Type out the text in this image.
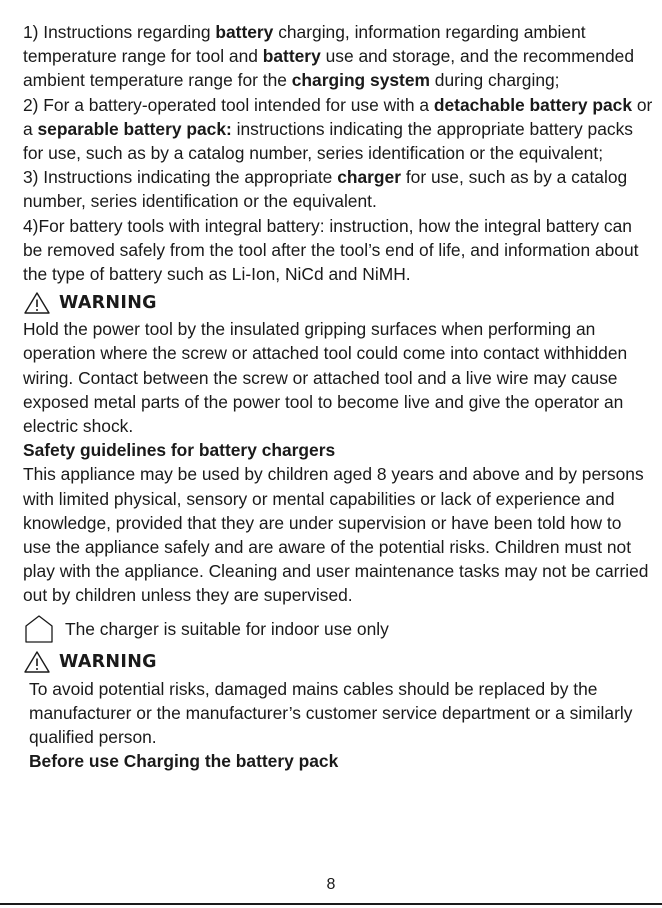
1) Instructions regarding battery charging, information regarding ambient temperature range for tool and battery use and storage, and the recommended ambient temperature range for the charging system during charging;

2) For a battery-operated tool intended for use with a detachable battery pack or a separable battery pack: instructions indicating the appropriate battery packs for use, such as by a catalog number, series identification or the equivalent;

3) Instructions indicating the appropriate charger for use, such as by a catalog number, series identification or the equivalent.

4)For battery tools with integral battery: instruction, how the integral battery can be removed safely from the tool after the tool’s end of life, and information about the type of battery such as Li-Ion, NiCd and NiMH.

WARNING

Hold the power tool by the insulated gripping surfaces when performing an operation where the screw or attached tool could come into contact withhidden wiring. Contact between the screw or attached tool and a live wire may cause exposed metal parts of the power tool to become live and give the operator an electric shock.

Safety guidelines for battery chargers

This appliance may be used by children aged 8 years and above and by persons with limited physical, sensory or mental capabilities or lack of experience and knowledge, provided that they are under supervision or have been told how to use the appliance safely and are aware of the potential risks. Children must not play with the appliance. Cleaning and user maintenance tasks may not be carried out by children unless they are supervised.

The charger is suitable for indoor use only
WARNING

To avoid potential risks, damaged mains cables should be replaced by the manufacturer or the manufacturer’s customer service department or a similarly qualified person.

Before use Charging the battery pack

8
